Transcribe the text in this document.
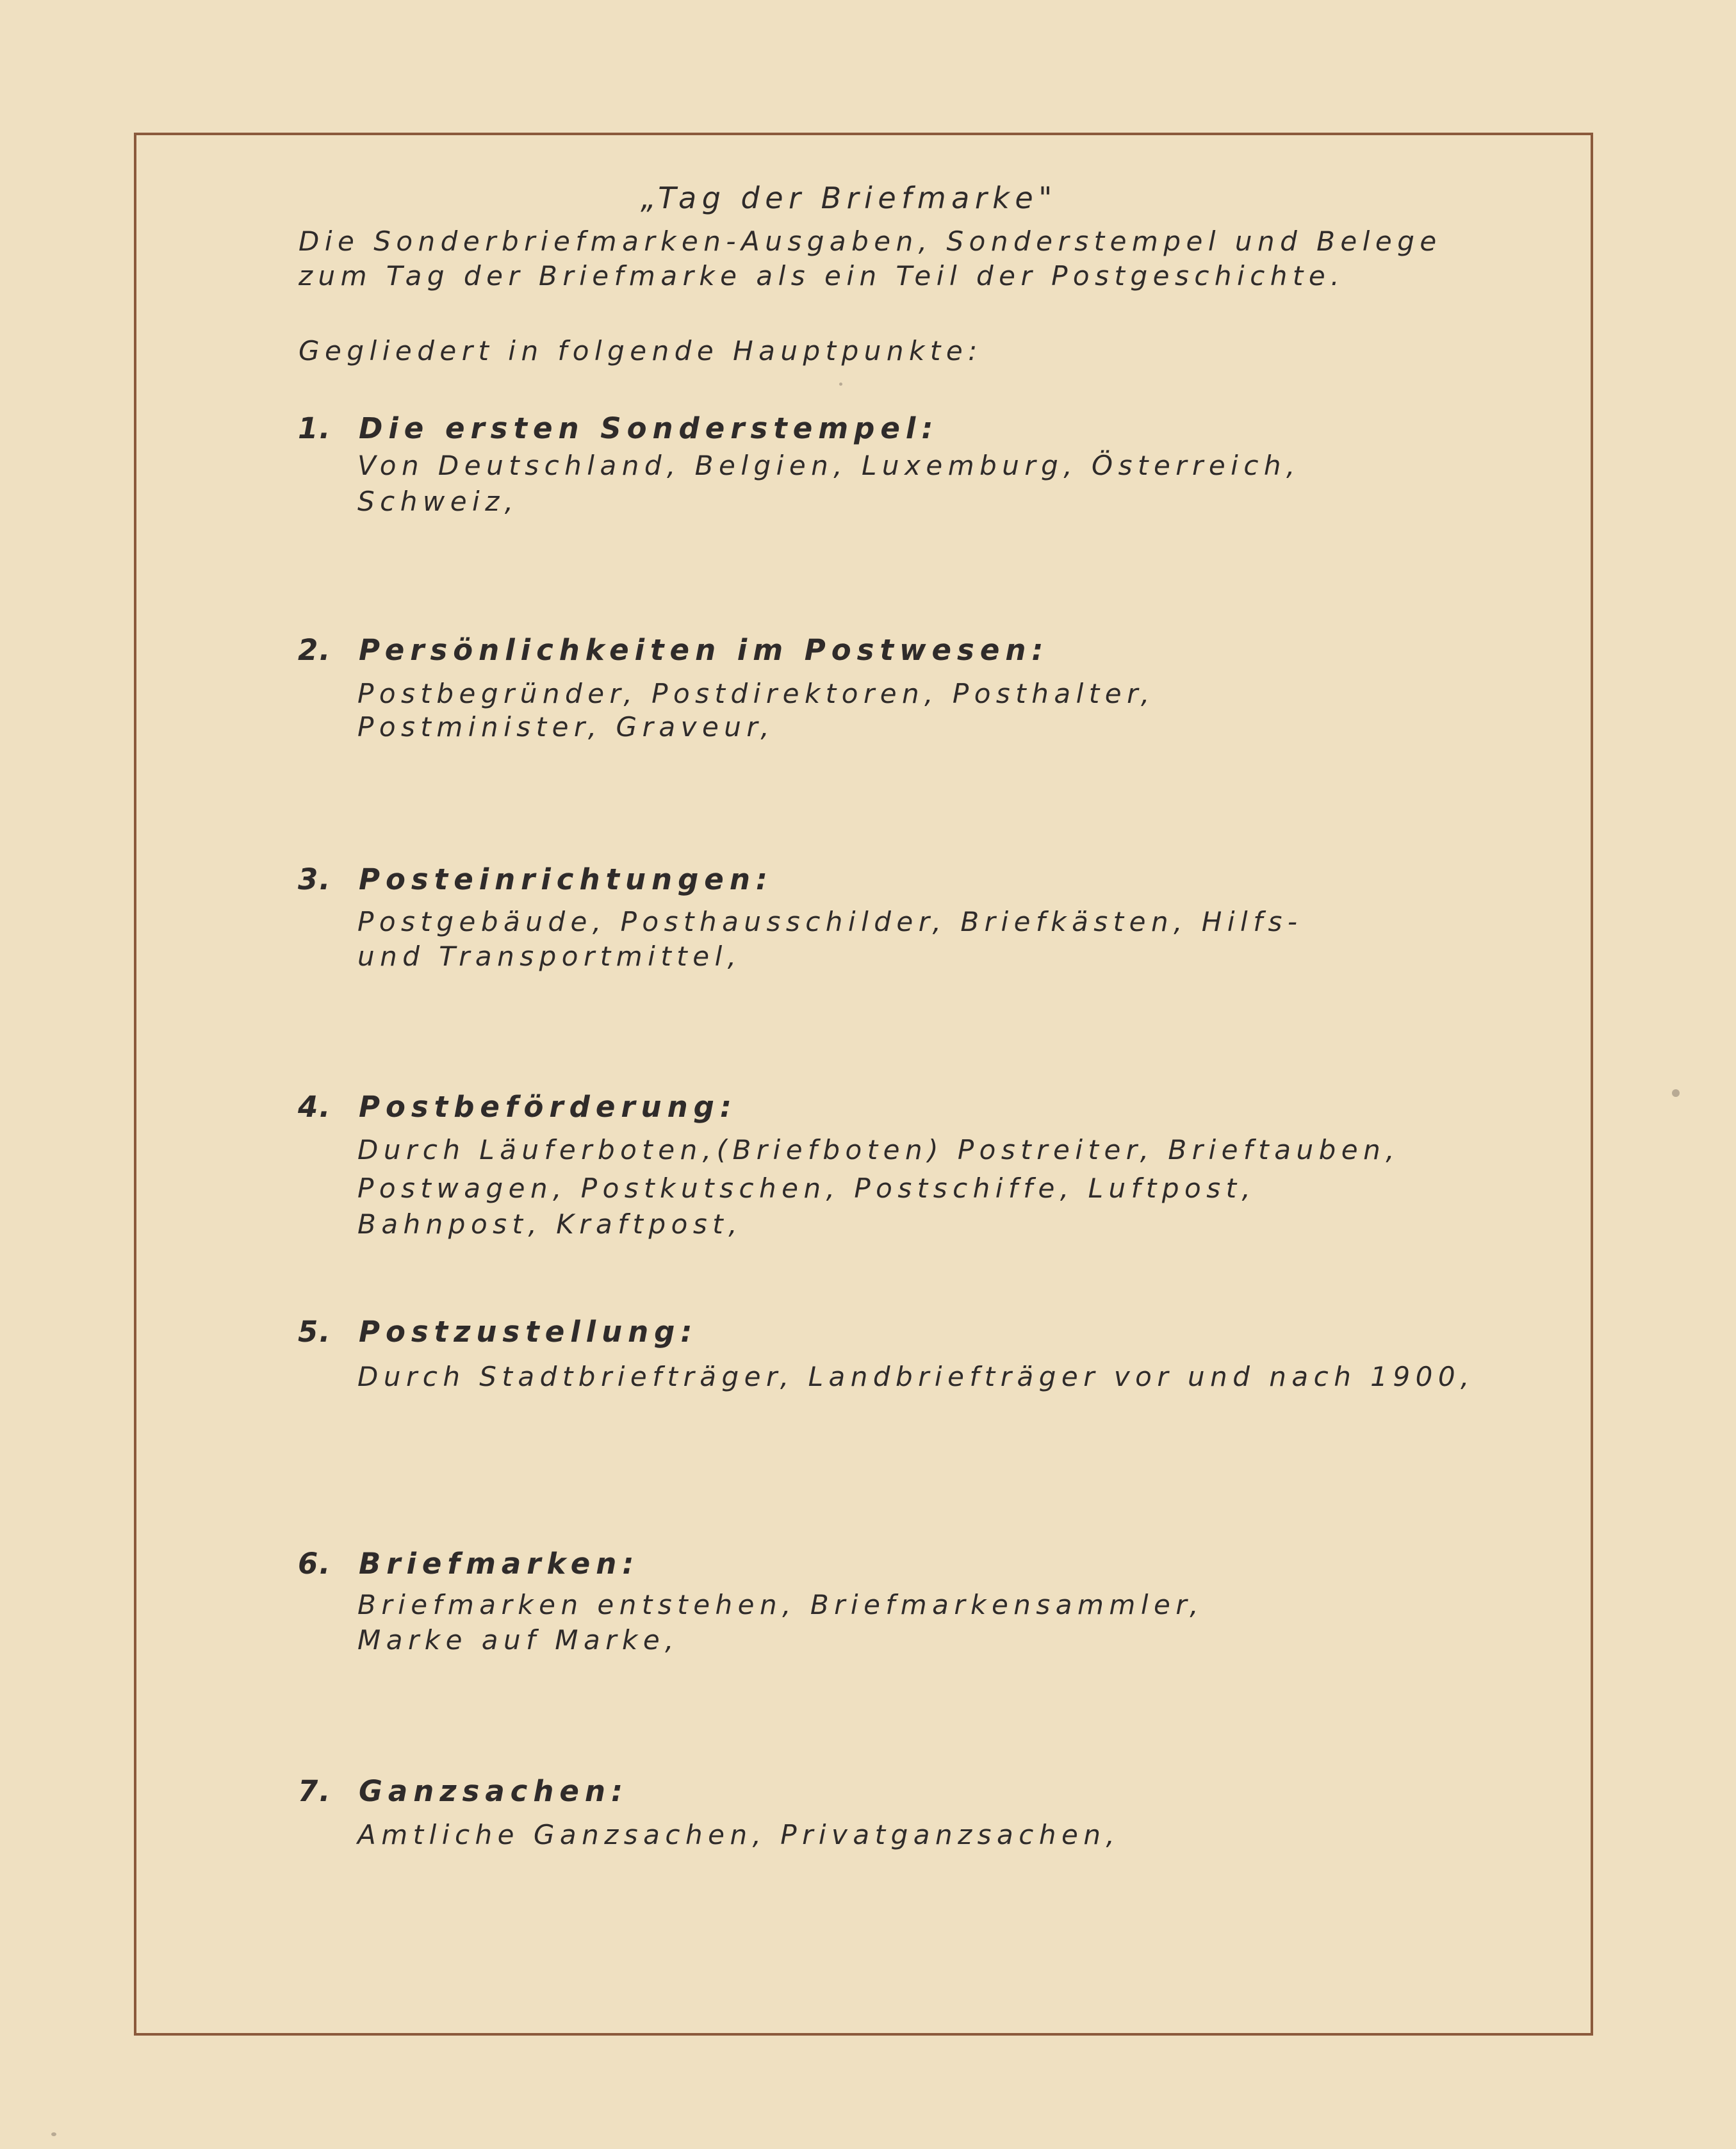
„Tag der Briefmarke"
Die Sonderbriefmarken-Ausgaben, Sonderstempel und Belege
zum Tag der Briefmarke als ein Teil der Postgeschichte.
Gegliedert in folgende Hauptpunkte:
1. Die ersten Sonderstempel:
Von Deutschland, Belgien, Luxemburg, Österreich,
Schweiz,
2. Persönlichkeiten im Postwesen:
Postbegründer, Postdirektoren, Posthalter,
Postminister, Graveur,
3. Posteinrichtungen:
Postgebäude, Posthausschilder, Briefkästen, Hilfs-
und Transportmittel,
4. Postbeförderung:
Durch Läuferboten,(Briefboten) Postreiter, Brieftauben,
Postwagen, Postkutschen, Postschiffe, Luftpost,
Bahnpost, Kraftpost,
5. Postzustellung:
Durch Stadtbriefträger, Landbriefträger vor und nach 1900,
6. Briefmarken:
Briefmarken entstehen, Briefmarkensammler,
Marke auf Marke,
7. Ganzsachen:
Amtliche Ganzsachen, Privatganzsachen,
